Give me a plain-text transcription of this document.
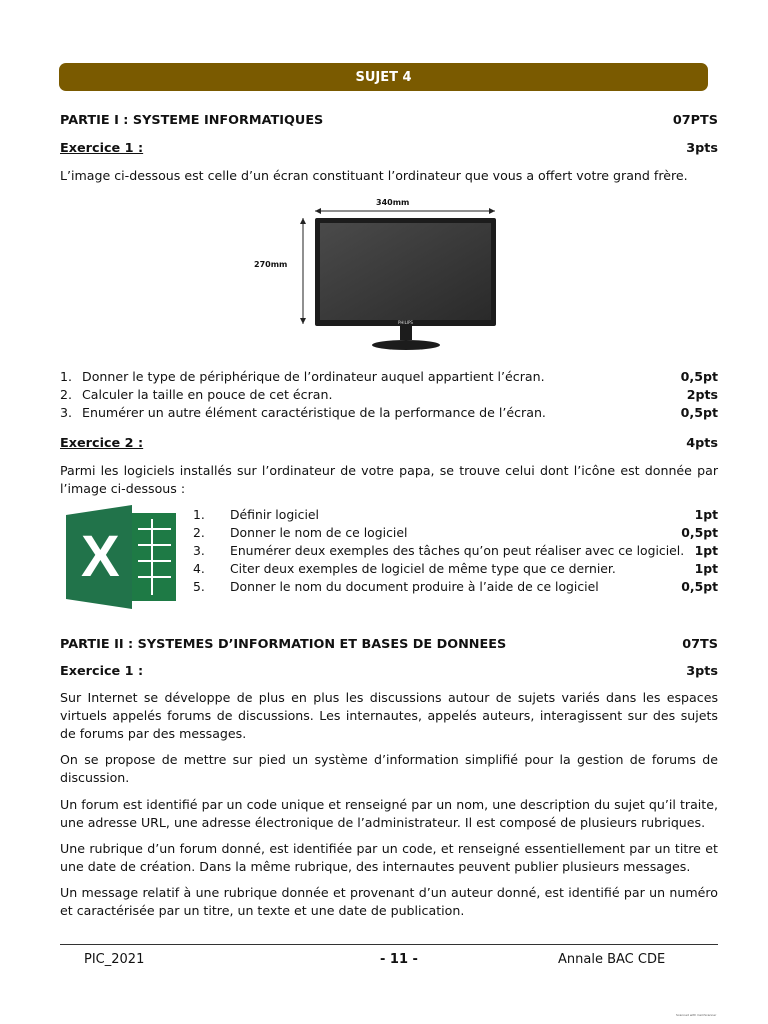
SUJET 4
PARTIE I : SYSTEME INFORMATIQUES	07PTS
Exercice 1 :	3pts
L’image ci-dessous est celle d’un écran constituant l’ordinateur que vous a offert votre grand frère.
340mm
270mm
PHILIPS
1. Donner le type de périphérique de l’ordinateur auquel appartient l’écran.	0,5pt
2. Calculer la taille en pouce de cet écran.	2pts
3. Enumérer un autre élément caractéristique de la performance de l’écran.	0,5pt
Exercice 2 :	4pts
Parmi les logiciels installés sur l’ordinateur de votre papa, se trouve celui dont l’icône est donnée par l’image ci-dessous :
X
1.	Définir logiciel	1pt
2.	Donner le nom de ce logiciel	0,5pt
3.	Enumérer deux exemples des tâches qu’on peut réaliser avec ce logiciel. 1pt
4.	Citer deux exemples de logiciel de même type que ce dernier.	1pt
5.	Donner le nom du document produire à l’aide de ce logiciel	0,5pt
PARTIE II : SYSTEMES D’INFORMATION ET BASES DE DONNEES	07TS
Exercice 1 :	3pts
Sur Internet se développe de plus en plus les discussions autour de sujets variés dans les espaces virtuels appelés forums de discussions. Les internautes, appelés auteurs, interagissent sur des sujets de forums par des messages.
On se propose de mettre sur pied un système d’information simplifié pour la gestion de forums de discussion.
Un forum est identifié par un code unique et renseigné par un nom, une description du sujet qu’il traite, une adresse URL, une adresse électronique de l’administrateur. Il est composé de plusieurs rubriques.
Une rubrique d’un forum donné, est identifiée par un code, et renseigné essentiellement par un titre et une date de création. Dans la même rubrique, des internautes peuvent publier plusieurs messages.
Un message relatif à une rubrique donnée et provenant d’un auteur donné, est identifié par un numéro et caractérisée par un titre, un texte et une date de publication.
PIC_2021	- 11 -	Annale BAC CDE
Scanned with CamScanner
